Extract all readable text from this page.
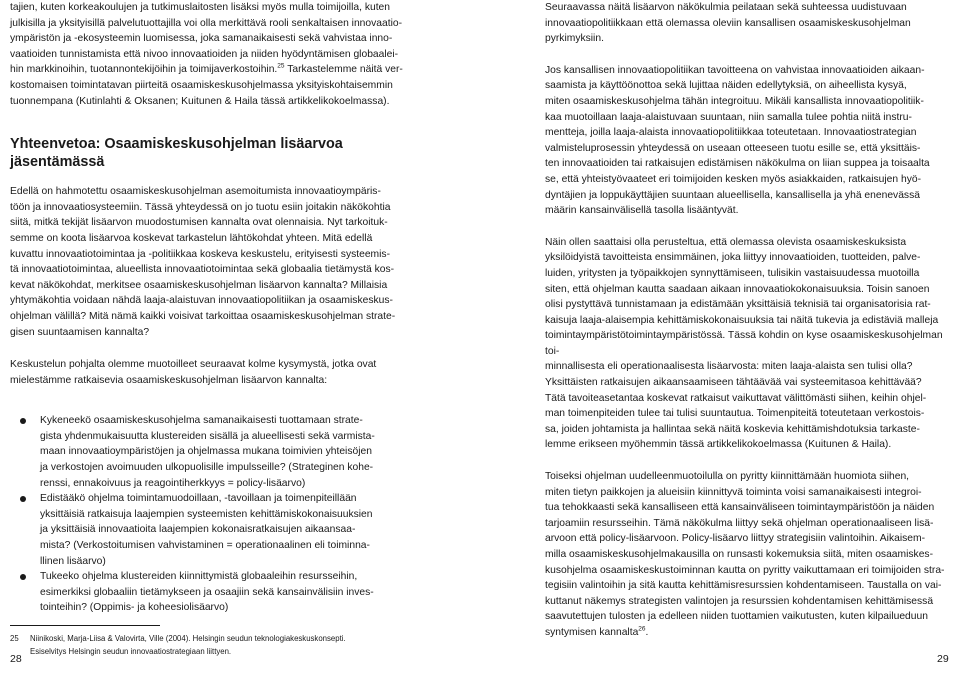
tajien, kuten korkeakoulujen ja tutkimuslaitosten lisäksi myös mulla toimijoilla, kuten
julkisilla ja yksityisillä palvelutuottajilla voi olla merkittävä rooli senkaltaisen innovaatio-
ympäristön ja -ekosysteemin luomisessa, joka samanaikaisesti sekä vahvistaa inno-
vaatioiden tunnistamista että nivoo innovaatioiden ja niiden hyödyntämisen globaalei-
hin markkinoihin, tuotannontekijöihin ja toimijaverkostoihin.$^{25}$ Tarkastelemme näitä ver-
kostomaisen toimintatavan piirteitä osaamiskeskusohjelmassa yksityiskohtaisemmin
tuonnempana (Kutinlahti & Oksanen; Kuitunen & Haila tässä artikkelikokoelmassa).

Yhteenvetoa: Osaamiskeskusohjelman lisäarvoa jäsentämässä

Edellä on hahmotettu osaamiskeskusohjelman asemoitumista innovaatioympäris-
töön ja innovaatiosysteemiin. Tässä yhteydessä on jo tuotu esiin joitakin näkökohtia
siitä, mitkä tekijät lisäarvon muodostumisen kannalta ovat olennaisia. Nyt tarkoituk-
semme on koota lisäarvoa koskevat tarkastelun lähtökohdat yhteen. Mitä edellä
kuvattu innovaatiotoimintaa ja -politiikkaa koskeva keskustelu, erityisesti systeemis-
tä innovaatiotoimintaa, alueellista innovaatiotoimintaa sekä globaalia tietämystä kos-
kevat näkökohdat, merkitsee osaamiskeskusohjelman lisäarvon kannalta? Millaisia
yhtymäkohtia voidaan nähdä laaja-alaistuvan innovaatiopolitiikan ja osaamiskeskus-
ohjelman välillä? Mitä nämä kaikki voisivat tarkoittaa osaamiskeskusohjelman strate-
gisen suuntaamisen kannalta?

Keskustelun pohjalta olemme muotoilleet seuraavat kolme kysymystä, jotka ovat
mielestämme ratkaisevia osaamiskeskusohjelman lisäarvon kannalta:

Kykeneekö osaamiskeskusohjelma samanaikaisesti tuottamaan strate-
gista yhdenmukaisuutta klustereiden sisällä ja alueellisesti sekä varmista-
maan innovaatioympäristöjen ja ohjelmassa mukana toimivien yhteisöjen
ja verkostojen avoimuuden ulkopuolisille impulsseille? (Strateginen kohe-
renssi, ennakoivuus ja reagointiherkkyys = policy-lisäarvo)
Edistääkö ohjelma toimintamuodoillaan, -tavoillaan ja toimenpiteillään
yksittäisiä ratkaisuja laajempien systeemisten kehittämiskokonaisuuksien
ja yksittäisiä innovaatioita laajempien kokonaisratkaisujen aikaansaa-
mista? (Verkostoitumisen vahvistaminen = operationaalinen eli toiminna-
llinen lisäarvo)
Tukeeko ohjelma klustereiden kiinnittymistä globaaleihin resursseihin,
esimerkiksi globaaliin tietämykseen ja osaajiin sekä kansainvälisiin inves-
tointeihin? (Oppimis- ja koheesiolisäarvo)
25 Niinikoski, Marja-Liisa & Valovirta, Ville (2004). Helsingin seudun teknologiakeskuskonsepti.
Esiselvitys Helsingin seudun innovaatiostrategiaan liittyen.
28

Seuraavassa näitä lisäarvon näkökulmia peilataan sekä suhteessa uudistuvaan
innovaatiopolitiikkaan että olemassa oleviin kansallisen osaamiskeskusohjelman
pyrkimyksiin.

Jos kansallisen innovaatiopolitiikan tavoitteena on vahvistaa innovaatioiden aikaan-
saamista ja käyttöönottoa sekä lujittaa näiden edellytyksiä, on aiheellista kysyä,
miten osaamiskeskusohjelma tähän integroituu. Mikäli kansallista innovaatiopolitiik-
kaa muotoillaan laaja-alaistuvaan suuntaan, niin samalla tulee pohtia niitä instru-
mentteja, joilla laaja-alaista innovaatiopolitiikkaa toteutetaan. Innovaatiostrategian
valmisteluprosessin yhteydessä on useaan otteeseen tuotu esille se, että yksittäis-
ten innovaatioiden tai ratkaisujen edistämisen näkökulma on liian suppea ja toisaalta
se, että yhteistyövaateet eri toimijoiden kesken myös asiakkaiden, ratkaisujen hyö-
dyntäjien ja loppukäyttäjien suuntaan alueellisella, kansallisella ja yhä enenevässä
määrin kansainvälisellä tasolla lisääntyvät.

Näin ollen saattaisi olla perusteltua, että olemassa olevista osaamiskeskuksista
yksilöidyistä tavoitteista ensimmäinen, joka liittyy innovaatioiden, tuotteiden, palve-
luiden, yritysten ja työpaikkojen synnyttämiseen, tulisikin vastaisuudessa muotoilla
siten, että ohjelman kautta saadaan aikaan innovaatiokokonaisuuksia. Toisin sanoen
olisi pystyttävä tunnistamaan ja edistämään yksittäisiä teknisiä tai organisatorisia rat-
kaisuja laaja-alaisempia kehittämiskokonaisuuksia tai näitä tukevia ja edistäviä malleja
toimintaympäristötoimintaympäristössä. Tässä kohdin on kyse osaamiskeskusohjelman toi-
minnallisesta eli operationaalisesta lisäarvosta: miten laaja-alaista sen tulisi olla?
Yksittäisten ratkaisujen aikaansaamiseen tähtäävää vai systeemitasoa kehittävää?
Tätä tavoiteasetantaa koskevat ratkaisut vaikuttavat välittömästi siihen, keihin ohjel-
man toimenpiteiden tulee tai tulisi suuntautua. Toimenpiteitä toteutetaan verkostois-
sa, joiden johtamista ja hallintaa sekä näitä koskevia kehittämishdotuksia tarkaste-
lemme erikseen myöhemmin tässä artikkelikokoelmassa (Kuitunen & Haila).

Toiseksi ohjelman uudelleenmuotoilulla on pyritty kiinnittämään huomiota siihen,
miten tietyn paikkojen ja alueisiin kiinnittyvä toiminta voisi samanaikaisesti integroi-
tua tehokkaasti sekä kansalliseen että kansainväliseen toimintaympäristöön ja näiden
tarjoamiin resursseihin. Tämä näkökulma liittyy sekä ohjelman operationaaliseen lisä-
arvoon että policy-lisäarvoon. Policy-lisäarvo liittyy strategisiin valintoihin. Aikaisem-
milla osaamiskeskusohjelmakausilla on runsasti kokemuksia siitä, miten osaamiskes-
kusohjelma osaamiskeskustoiminnan kautta on pyritty vaikuttamaan eri toimijoiden stra-
tegisiin valintoihin ja sitä kautta kehittämisresurssien kohdentamiseen. Taustalla on vai-
kuttanut näkemys strategisten valintojen ja resurssien kohdentamisen kehittämisessä
saavutettujen tulosten ja edelleen niiden tuottamien vaikutusten, kuten kilpailueduun
syntymisen kannalta$^{26}$.

29
